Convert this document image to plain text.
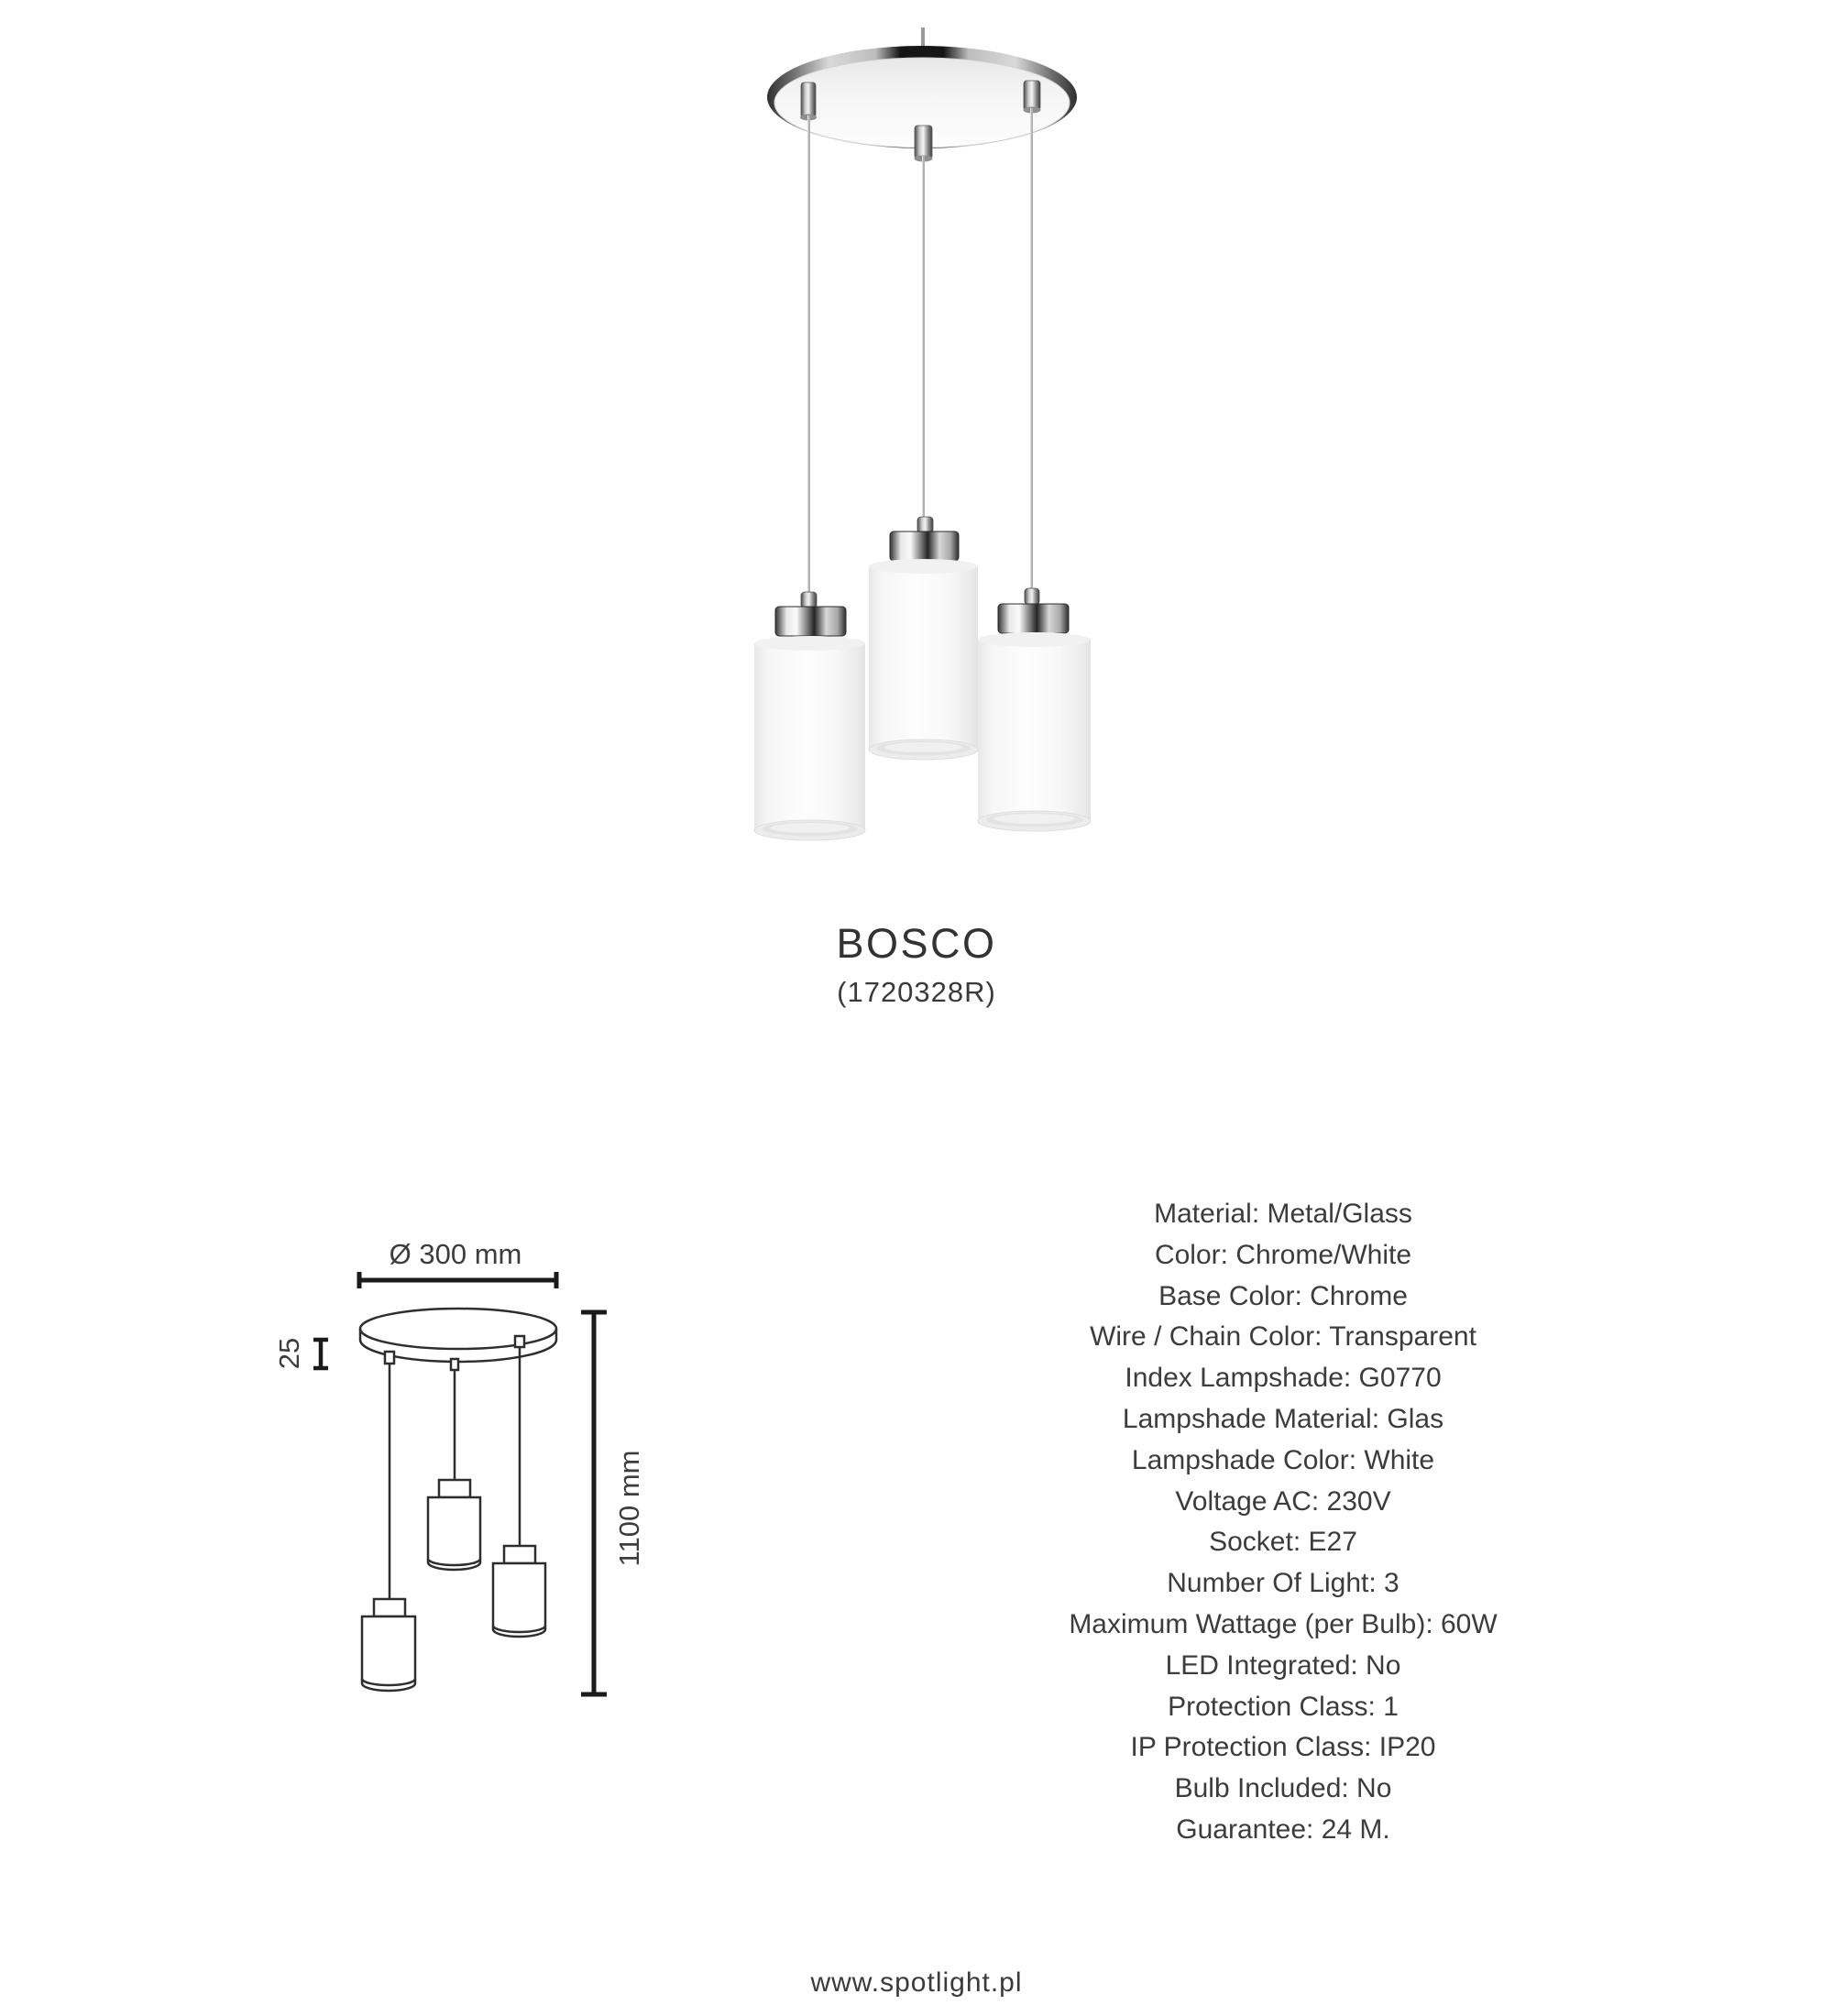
BOSCO
(1720328R)
Ø 300 mm
25
1100 mm
Material: Metal/Glass
Color: Chrome/White
Base Color: Chrome
Wire / Chain Color: Transparent
Index Lampshade: G0770
Lampshade Material: Glas
Lampshade Color: White
Voltage AC: 230V
Socket: E27
Number Of Light: 3
Maximum Wattage (per Bulb): 60W
LED Integrated: No
Protection Class: 1
IP Protection Class: IP20
Bulb Included: No
Guarantee: 24 M.
www.spotlight.pl
